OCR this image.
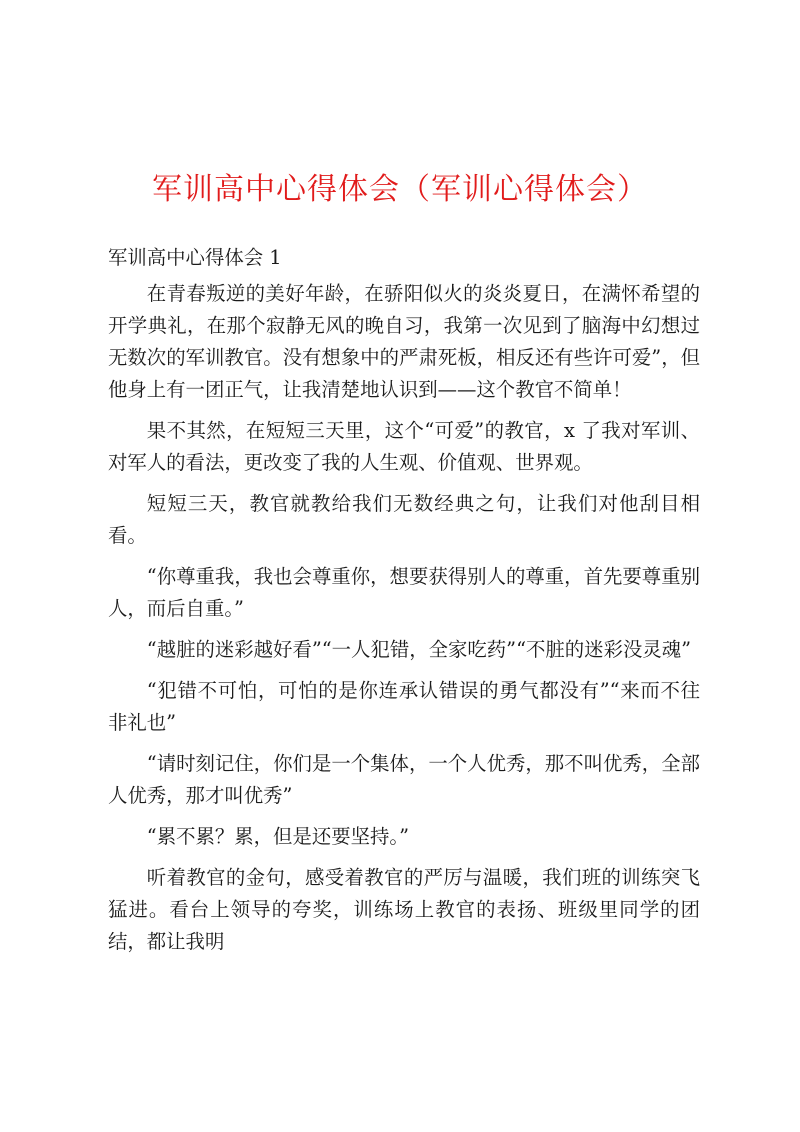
军训高中心得体会（军训心得体会）

军训高中心得体会 1

在青春叛逆的美好年龄，在骄阳似火的炎炎夏日，在满怀希望的开学典礼，在那个寂静无风的晚自习，我第一次见到了脑海中幻想过无数次的军训教官。没有想象中的严肃死板，相反还有些许可爱”，但他身上有一团正气，让我清楚地认识到——这个教官不简单！

果不其然，在短短三天里，这个“可爱”的教官，x 了我对军训、对军人的看法，更改变了我的人生观、价值观、世界观。

短短三天，教官就教给我们无数经典之句，让我们对他刮目相看。

“你尊重我，我也会尊重你，想要获得别人的尊重，首先要尊重别人，而后自重。”

“越脏的迷彩越好看”“一人犯错，全家吃药”“不脏的迷彩没灵魂”

“犯错不可怕，可怕的是你连承认错误的勇气都没有”“来而不往非礼也”

“请时刻记住，你们是一个集体，一个人优秀，那不叫优秀，全部人优秀，那才叫优秀”

“累不累？累，但是还要坚持。”

听着教官的金句，感受着教官的严厉与温暖，我们班的训练突飞猛进。看台上领导的夸奖，训练场上教官的表扬、班级里同学的团结，都让我明
